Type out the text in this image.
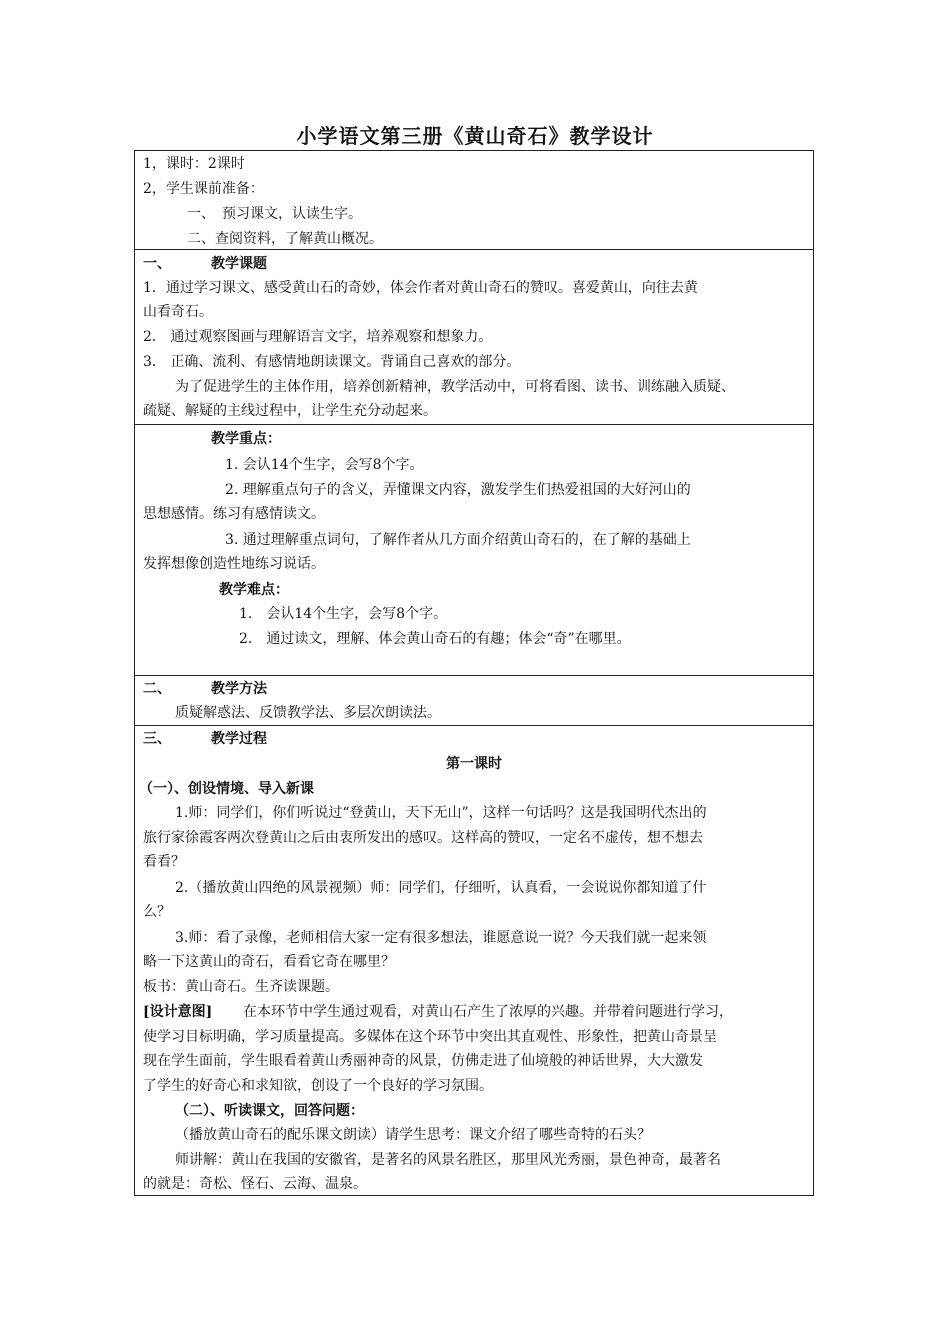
小学语文第三册《黄山奇石》教学设计
1，课时：2课时
2，学生课前准备：
一、　预习课文，认读生字。
二、查阅资料，了解黄山概况。
一、	教学课题
1．通过学习课文、感受黄山石的奇妙，体会作者对黄山奇石的赞叹。喜爱黄山，向往去黄
山看奇石。
2． 通过观察图画与理解语言文字，培养观察和想象力。
3． 正确、流利、有感情地朗读课文。背诵自己喜欢的部分。
为了促进学生的主体作用，培养创新精神，教学活动中，可将看图、读书、训练融入质疑、
疏疑、解疑的主线过程中，让学生充分动起来。
教学重点：
1. 会认14个生字，会写8个字。
2. 理解重点句子的含义，弄懂课文内容，激发学生们热爱祖国的大好河山的
思想感情。练习有感情读文。
3. 通过理解重点词句，了解作者从几方面介绍黄山奇石的，在了解的基础上
发挥想像创造性地练习说话。
教学难点：
1.　会认14个生字，会写8个字。
2.　通过读文，理解、体会黄山奇石的有趣；体会“奇”在哪里。
二、	教学方法
质疑解惑法、反馈教学法、多层次朗读法。
三、	教学过程
第一课时
（一）、创设情境、导入新课
1.师：同学们，你们听说过“登黄山，天下无山”，这样一句话吗？这是我国明代杰出的
旅行家徐霞客两次登黄山之后由衷所发出的感叹。这样高的赞叹，一定名不虚传，想不想去
看看？
2.（播放黄山四绝的风景视频）师：同学们，仔细听，认真看，一会说说你都知道了什
么？
3.师：看了录像，老师相信大家一定有很多想法，谁愿意说一说？今天我们就一起来领
略一下这黄山的奇石，看看它奇在哪里？
板书：黄山奇石。生齐读课题。
[设计意图] 在本环节中学生通过观看，对黄山石产生了浓厚的兴趣。并带着问题进行学习，
使学习目标明确，学习质量提高。多媒体在这个环节中突出其直观性、形象性，把黄山奇景呈
现在学生面前，学生眼看着黄山秀丽神奇的风景，仿佛走进了仙境般的神话世界，大大激发
了学生的好奇心和求知欲，创设了一个良好的学习氛围。
（二）、听读课文，回答问题：
（播放黄山奇石的配乐课文朗读）请学生思考：课文介绍了哪些奇特的石头？
师讲解：黄山在我国的安徽省，是著名的风景名胜区，那里风光秀丽，景色神奇，最著名
的就是：奇松、怪石、云海、温泉。
